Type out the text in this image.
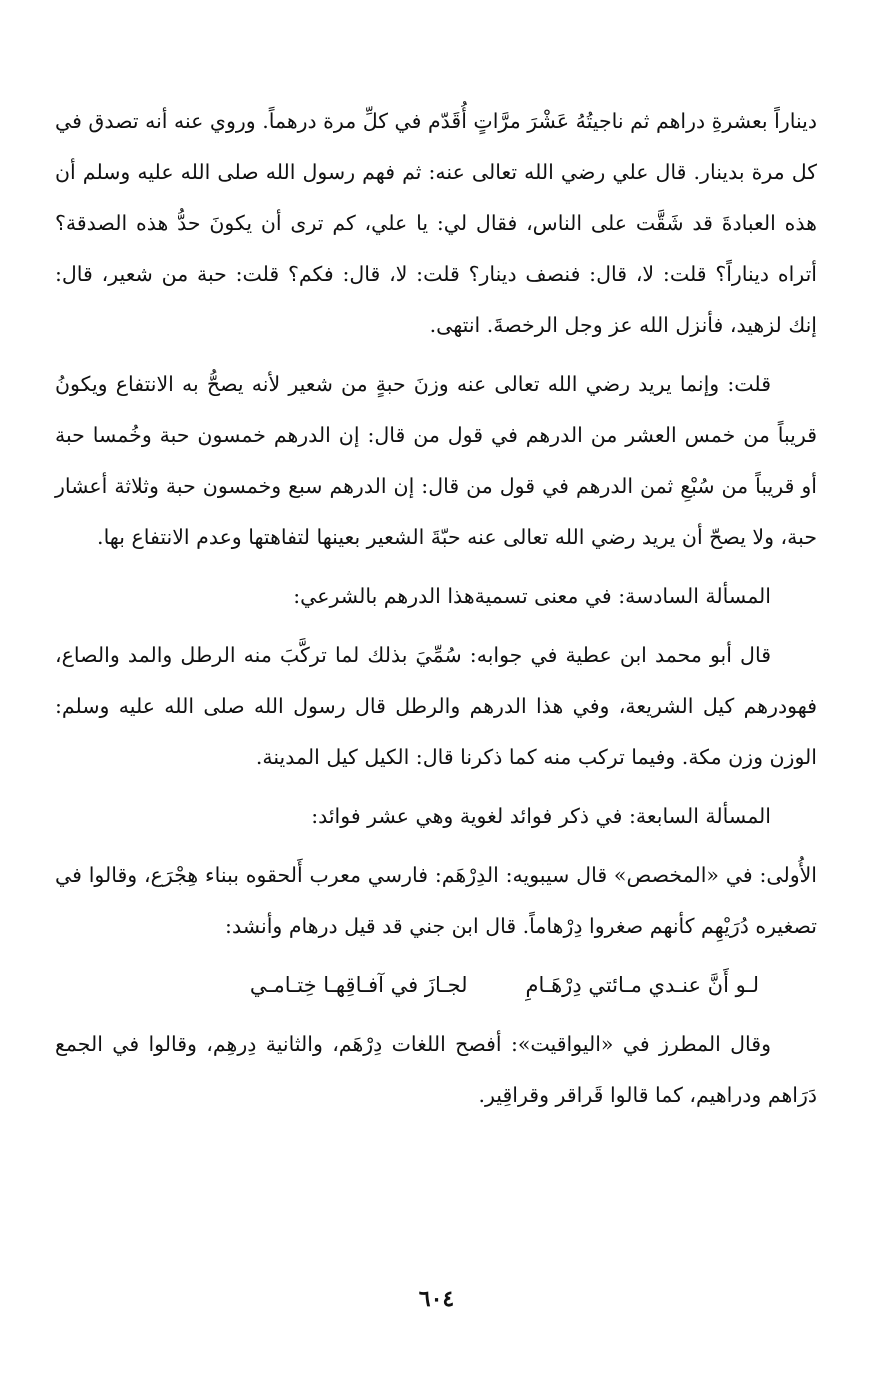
ديناراً بعشرةِ دراهم ثم ناجيتُهُ عَشْرَ مرَّاتٍ أُقَدّم في كلِّ مرة درهماً. وروي عنه أنه تصدق في كل مرة بدينار. قال علي رضي الله تعالى عنه: ثم فهم رسول الله صلى الله عليه وسلم أن هذه العبادةَ قد شَقَّت على الناس، فقال لي: يا علي، كم ترى أن يكونَ حدُّ هذه الصدقة؟ أتراه ديناراً؟ قلت: لا، قال: فنصف دينار؟ قلت: لا، قال: فكم؟ قلت: حبة من شعير، قال: إنك لزهيد، فأنزل الله عز وجل الرخصةَ. انتهى.

قلت: وإنما يريد رضي الله تعالى عنه وزنَ حبةٍ من شعير لأنه يصحُّ به الانتفاع ويكونُ قريباً من خمس العشر من الدرهم في قول من قال: إن الدرهم خمسون حبة وخُمسا حبة أو قريباً من سُبْعِ ثمن الدرهم في قول من قال: إن الدرهم سبع وخمسون حبة وثلاثة أعشار حبة، ولا يصحّ أن يريد رضي الله تعالى عنه حبّةَ الشعير بعينها لتفاهتها وعدم الانتفاع بها.

المسألة السادسة: في معنى تسميةهذا الدرهم بالشرعي:

قال أبو محمد ابن عطية في جوابه: سُمِّيَ بذلك لما تركَّبَ منه الرطل والمد والصاع، فهودرهم كيل الشريعة، وفي هذا الدرهم والرطل قال رسول الله صلى الله عليه وسلم: الوزن وزن مكة. وفيما تركب منه كما ذكرنا قال: الكيل كيل المدينة.

المسألة السابعة: في ذكر فوائد لغوية وهي عشر فوائد:

الأُولى: في «المخصص» قال سيبويه: الدِرْهَم: فارسي معرب أَلحقوه ببناء هِجْرَع، وقالوا في تصغيره دُرَيْهِم كأنهم صغروا دِرْهاماً. قال ابن جني قد قيل درهام وأنشد:

لـو أَنَّ عنـدي مـائتي دِرْهَـامِ
لجـازَ في آفـاقِهـا خِتـامـي

وقال المطرز في «اليواقيت»: أفصح اللغات دِرْهَم، والثانية دِرهِم، وقالوا في الجمع دَرَاهم ودراهيم، كما قالوا قَراقر وقراقِير.

٦٠٤
